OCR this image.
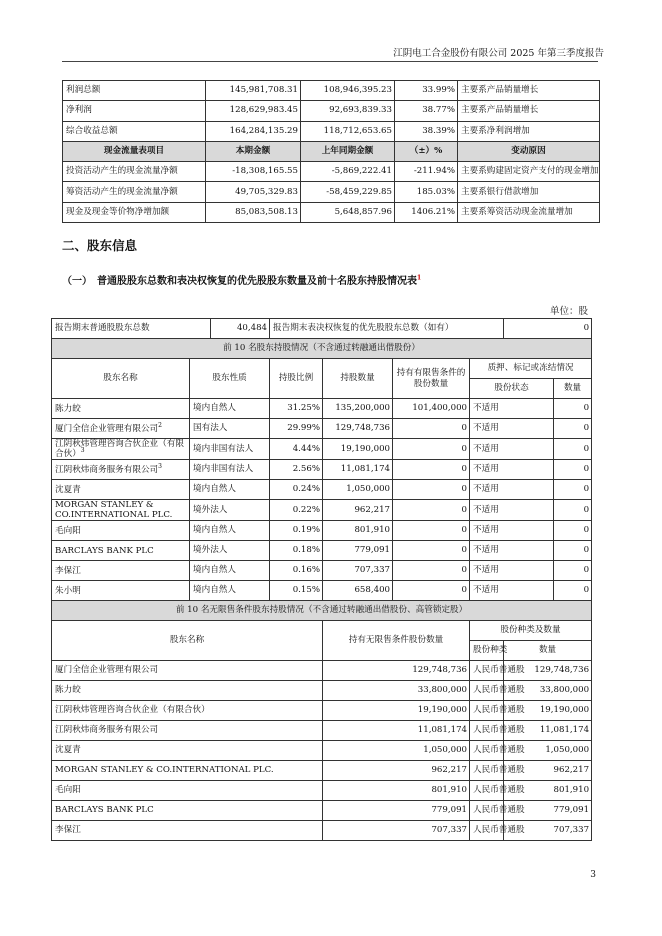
江阴电工合金股份有限公司 2025 年第三季度报告
利润总额	145,981,708.31	108,946,395.23	33.99%	主要系产品销量增长
净利润	128,629,983.45	92,693,839.33	38.77%	主要系产品销量增长
综合收益总额	164,284,135.29	118,712,653.65	38.39%	主要系净利润增加
现金流量表项目	本期金额	上年同期金额	（±）%	变动原因
投资活动产生的现金流量净额	-18,308,165.55	-5,869,222.41	-211.94%	主要系购建固定资产支付的现金增加
筹资活动产生的现金流量净额	49,705,329.83	-58,459,229.85	185.03%	主要系银行借款增加
现金及现金等价物净增加额	85,083,508.13	5,648,857.96	1406.21%	主要系筹资活动现金流量增加
二、股东信息
（一）　普通股股东总数和表决权恢复的优先股股东数量及前十名股东持股情况表$^1$
单位：股
报告期末普通股股东总数		40,484	报告期末表决权恢复的优先股股东总数（如有）				0	
前 10 名股东持股情况（不含通过转融通出借股份）								
股东名称	股东性质		持股比例	持股数量	持有有限售条件的股份数量	质押、标记或冻结情况		
						股份状态		数量
陈力皎	境内自然人		31.25%	135,200,000	101,400,000	不适用		0
厦门全信企业管理有限公司$^2$	国有法人		29.99%	129,748,736	0	不适用		0
江阴秋炜管理咨询合伙企业（有限合伙）$^3$	境内非国有法人		4.44%	19,190,000	0	不适用		0
江阴秋炜商务服务有限公司$^3$	境内非国有法人		2.56%	11,081,174	0	不适用		0
沈夏青	境内自然人		0.24%	1,050,000	0	不适用		0
MORGAN STANLEY & CO.INTERNATIONAL PLC.	境外法人		0.22%	962,217	0	不适用		0
毛向阳	境内自然人		0.19%	801,910	0	不适用		0
BARCLAYS BANK PLC	境外法人		0.18%	779,091	0	不适用		0
李保江	境内自然人		0.16%	707,337	0	不适用		0
朱小明	境内自然人		0.15%	658,400	0	不适用		0
前 10 名无限售条件股东持股情况（不含通过转融通出借股份、高管锁定股）								
股东名称				持有无限售条件股份数量		股份种类及数量		
						股份种类	数量	
厦门全信企业管理有限公司				129,748,736		人民币普通股	129,748,736	
陈力皎				33,800,000		人民币普通股	33,800,000	
江阴秋炜管理咨询合伙企业（有限合伙）				19,190,000		人民币普通股	19,190,000	
江阴秋炜商务服务有限公司				11,081,174		人民币普通股	11,081,174	
沈夏青				1,050,000		人民币普通股	1,050,000	
MORGAN STANLEY & CO.INTERNATIONAL PLC.				962,217		人民币普通股	962,217	
毛向阳				801,910		人民币普通股	801,910	
BARCLAYS BANK PLC				779,091		人民币普通股	779,091	
李保江				707,337		人民币普通股	707,337	
3
